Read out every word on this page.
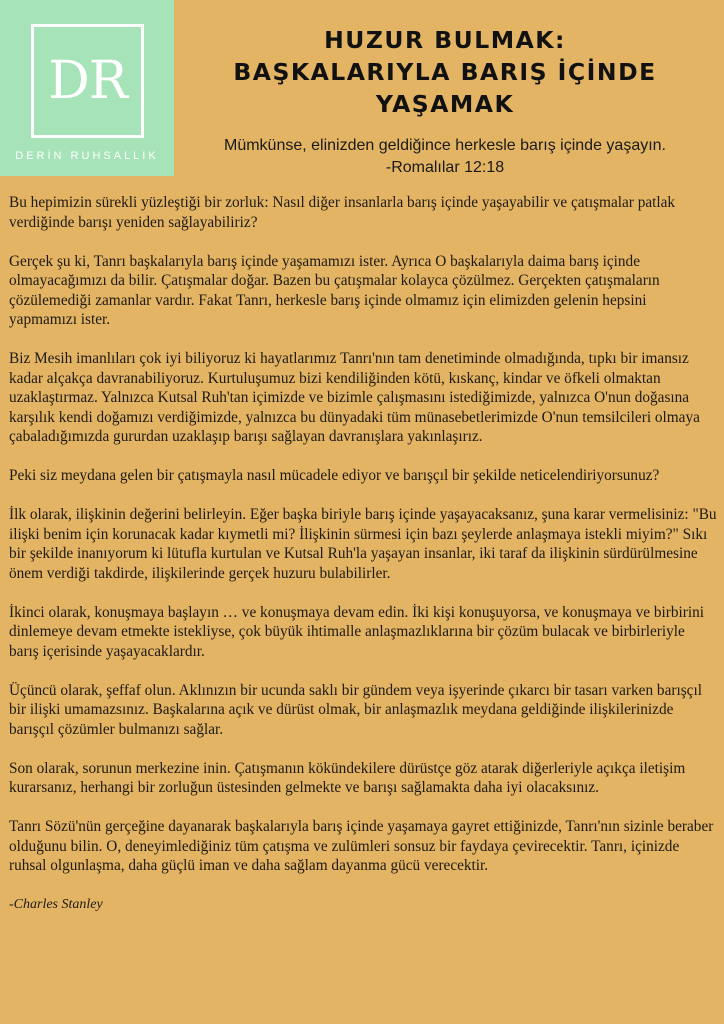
DR
DERİN RUHSALLIK
HUZUR BULMAK:
BAŞKALARIYLA BARIŞ İÇİNDE
YAŞAMAK
Mümkünse, elinizden geldiğince herkesle barış içinde yaşayın.
-Romalılar 12:18

Bu hepimizin sürekli yüzleştiği bir zorluk: Nasıl diğer insanlarla barış içinde yaşayabilir ve çatışmalar patlak verdiğinde barışı yeniden sağlayabiliriz?

Gerçek şu ki, Tanrı başkalarıyla barış içinde yaşamamızı ister. Ayrıca O başkalarıyla daima barış içinde olmayacağımızı da bilir. Çatışmalar doğar. Bazen bu çatışmalar kolayca çözülmez. Gerçekten çatışmaların çözülemediği zamanlar vardır. Fakat Tanrı, herkesle barış içinde olmamız için elimizden gelenin hepsini yapmamızı ister.

Biz Mesih imanlıları çok iyi biliyoruz ki hayatlarımız Tanrı'nın tam denetiminde olmadığında, tıpkı bir imansız kadar alçakça davranabiliyoruz. Kurtuluşumuz bizi kendiliğinden kötü, kıskanç, kindar ve öfkeli olmaktan uzaklaştırmaz. Yalnızca Kutsal Ruh'tan içimizde ve bizimle çalışmasını istediğimizde, yalnızca O'nun doğasına karşılık kendi doğamızı verdiğimizde, yalnızca bu dünyadaki tüm münasebetlerimizde O'nun temsilcileri olmaya çabaladığımızda gururdan uzaklaşıp barışı sağlayan davranışlara yakınlaşırız.

Peki siz meydana gelen bir çatışmayla nasıl mücadele ediyor ve barışçıl bir şekilde neticelendiriyorsunuz?

İlk olarak, ilişkinin değerini belirleyin. Eğer başka biriyle barış içinde yaşayacaksanız, şuna karar vermelisiniz: "Bu ilişki benim için korunacak kadar kıymetli mi? İlişkinin sürmesi için bazı şeylerde anlaşmaya istekli miyim?" Sıkı bir şekilde inanıyorum ki lütufla kurtulan ve Kutsal Ruh'la yaşayan insanlar, iki taraf da ilişkinin sürdürülmesine önem verdiği takdirde, ilişkilerinde gerçek huzuru bulabilirler.

İkinci olarak, konuşmaya başlayın … ve konuşmaya devam edin. İki kişi konuşuyorsa, ve konuşmaya ve birbirini dinlemeye devam etmekte istekliyse, çok büyük ihtimalle anlaşmazlıklarına bir çözüm bulacak ve birbirleriyle barış içerisinde yaşayacaklardır.

Üçüncü olarak, şeffaf olun. Aklınızın bir ucunda saklı bir gündem veya işyerinde çıkarcı bir tasarı varken barışçıl bir ilişki umamazsınız. Başkalarına açık ve dürüst olmak, bir anlaşmazlık meydana geldiğinde ilişkilerinizde barışçıl çözümler bulmanızı sağlar.

Son olarak, sorunun merkezine inin. Çatışmanın kökündekilere dürüstçe göz atarak diğerleriyle açıkça iletişim kurarsanız, herhangi bir zorluğun üstesinden gelmekte ve barışı sağlamakta daha iyi olacaksınız.

Tanrı Sözü'nün gerçeğine dayanarak başkalarıyla barış içinde yaşamaya gayret ettiğinizde, Tanrı'nın sizinle beraber olduğunu bilin. O, deneyimlediğiniz tüm çatışma ve zulümleri sonsuz bir faydaya çevirecektir. Tanrı, içinizde ruhsal olgunlaşma, daha güçlü iman ve daha sağlam dayanma gücü verecektir.

-Charles Stanley
